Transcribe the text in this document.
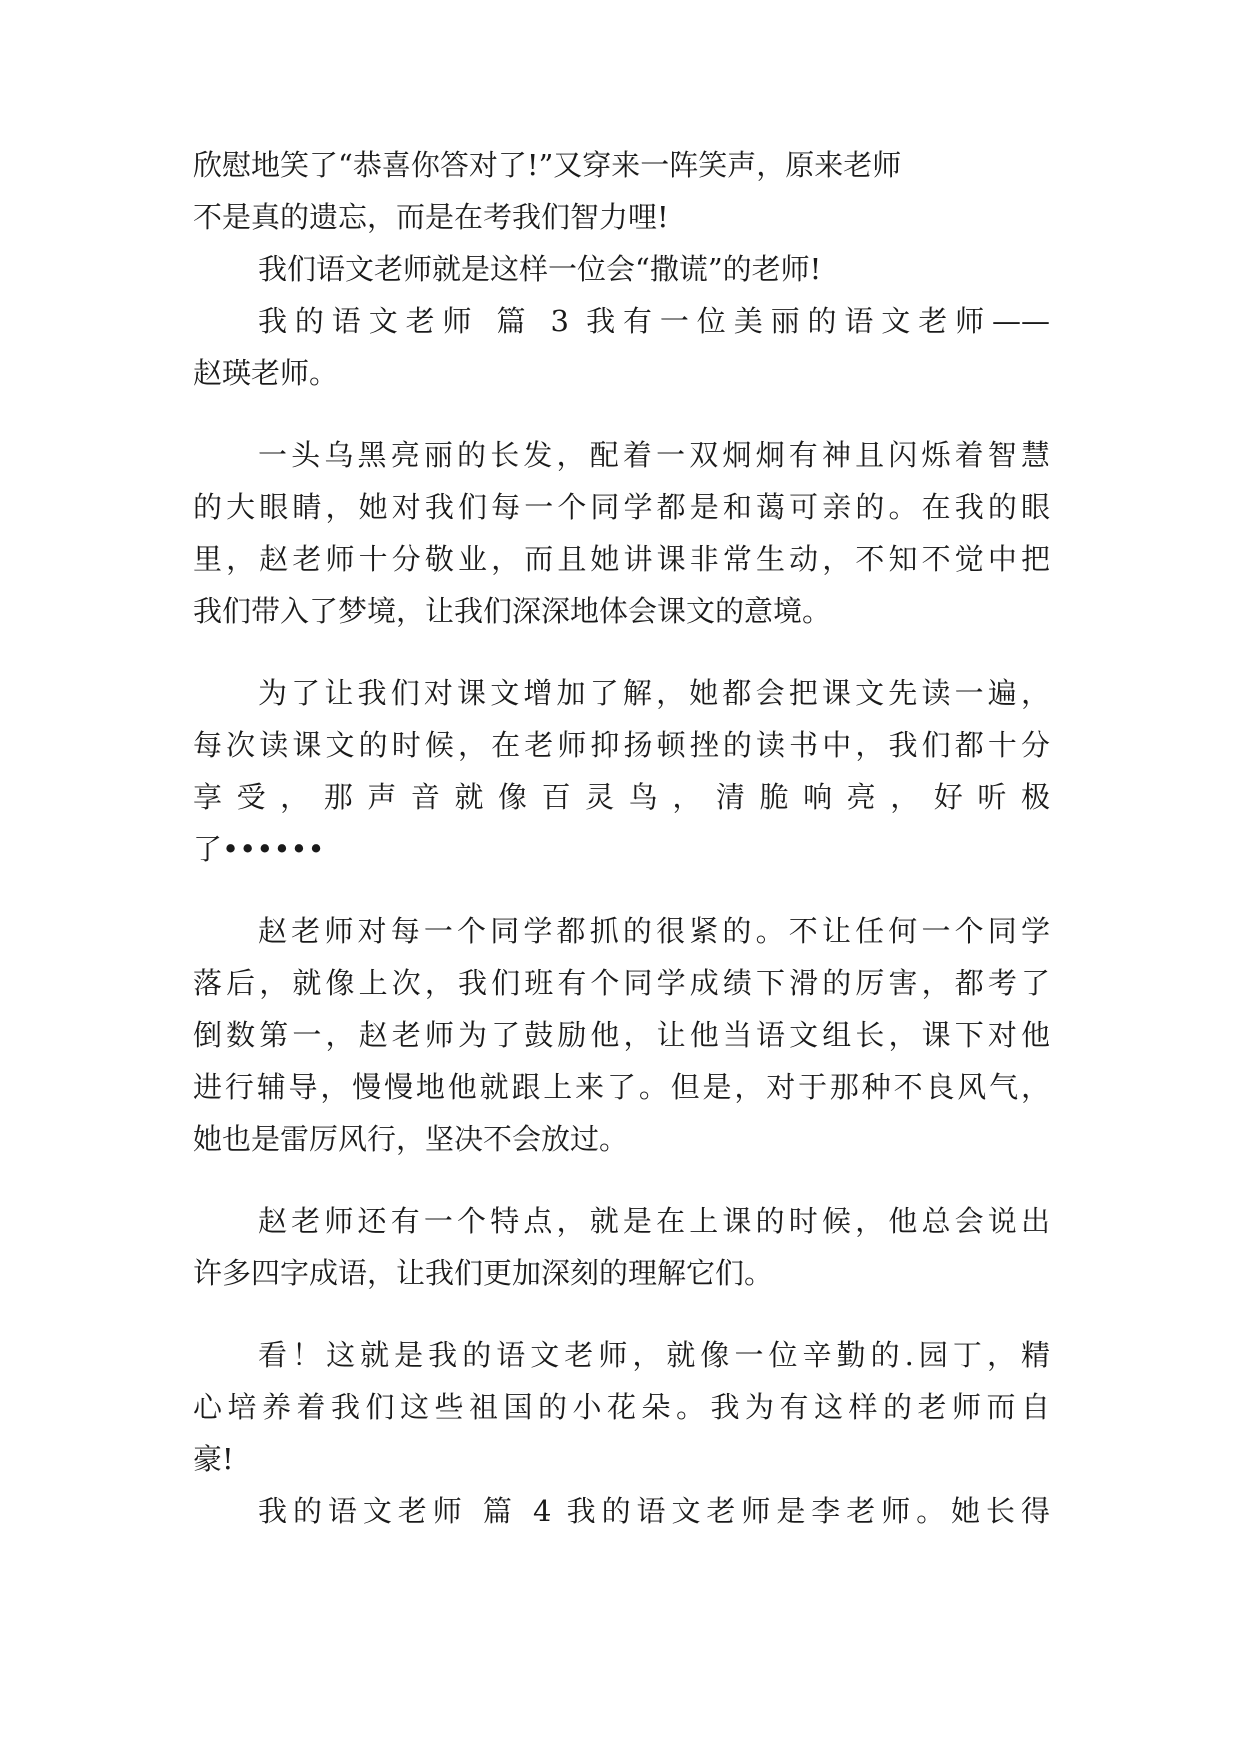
欣慰地笑了“恭喜你答对了!”又穿来一阵笑声，原来老师
不是真的遗忘，而是在考我们智力哩!
我们语文老师就是这样一位会“撒谎”的老师!
我的语文老师 篇 3 我有一位美丽的语文老师——
赵瑛老师。
一头乌黑亮丽的长发，配着一双炯炯有神且闪烁着智慧
的大眼睛，她对我们每一个同学都是和蔼可亲的。在我的眼
里，赵老师十分敬业，而且她讲课非常生动，不知不觉中把
我们带入了梦境，让我们深深地体会课文的意境。
为了让我们对课文增加了解，她都会把课文先读一遍，
每次读课文的时候，在老师抑扬顿挫的读书中，我们都十分
享受，那声音就像百灵鸟，清脆响亮，好听极
了••••••
赵老师对每一个同学都抓的很紧的。不让任何一个同学
落后，就像上次，我们班有个同学成绩下滑的厉害，都考了
倒数第一，赵老师为了鼓励他，让他当语文组长，课下对他
进行辅导，慢慢地他就跟上来了。但是，对于那种不良风气，
她也是雷厉风行，坚决不会放过。
赵老师还有一个特点，就是在上课的时候，他总会说出
许多四字成语，让我们更加深刻的理解它们。
看！这就是我的语文老师，就像一位辛勤的.园丁，精
心培养着我们这些祖国的小花朵。我为有这样的老师而自
豪!
我的语文老师 篇 4 我的语文老师是李老师。她长得
